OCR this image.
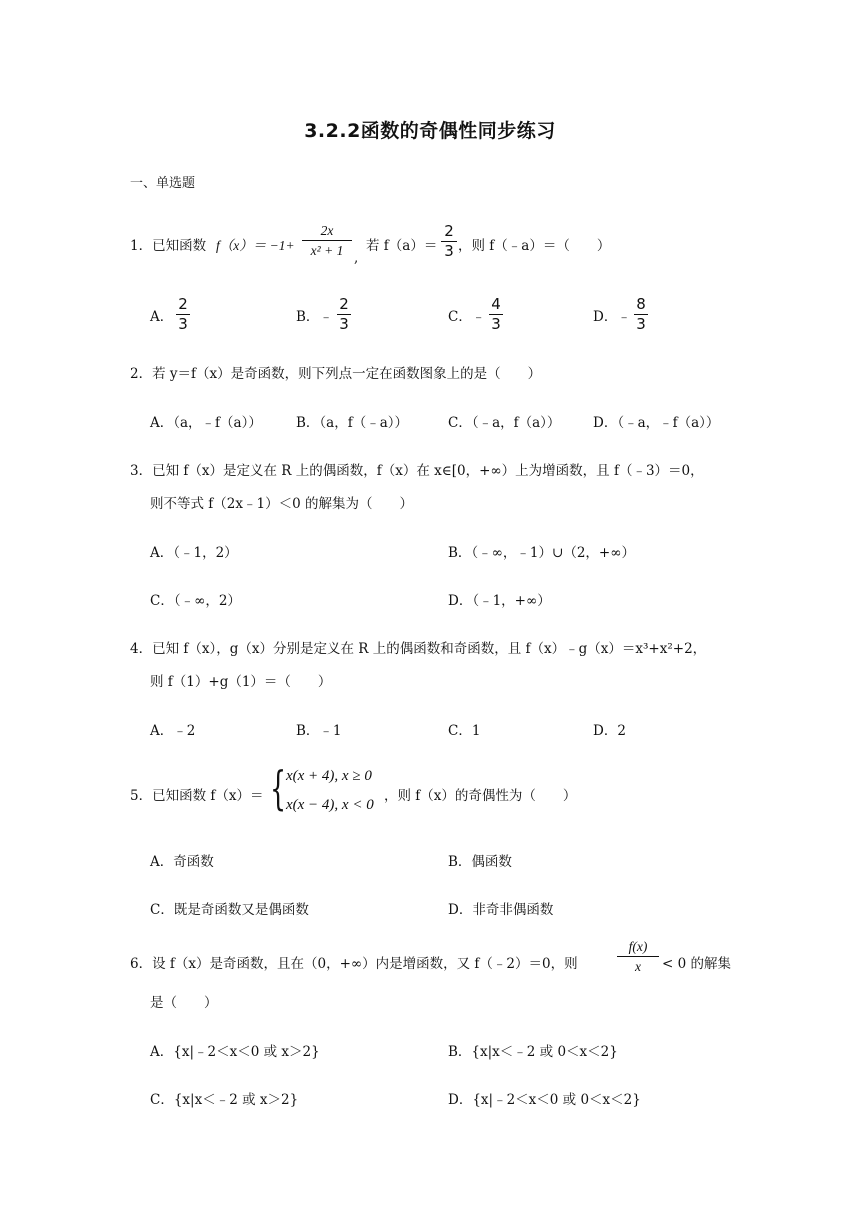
3.2.2函数的奇偶性同步练习
一、单选题
1．已知函数 f（x）＝ −1+
2x
x² + 1 ,
若 f（a）＝
2
3 ，则 f（﹣a）＝（　　）
A．
2
3	B．﹣
2
3	C．﹣
4
3	D．﹣
8
3
2．若 y＝f（x）是奇函数，则下列点一定在函数图象上的是（　　）
A．（a，﹣f（a））	B．（a，f（﹣a））	C．（﹣a，f（a）） D．（﹣a，﹣f（a））
3．已知 f（x）是定义在 R 上的偶函数，f（x）在 x∈[0，+∞）上为增函数，且 f（﹣3）＝0，
则不等式 f（2x﹣1）＜0 的解集为（　　）
A．（﹣1，2）	B．（﹣∞，﹣1）∪（2，+∞）
C．（﹣∞，2）	D．（﹣1，+∞）
4．已知 f（x），g（x）分别是定义在 R 上的偶函数和奇函数，且 f（x）﹣g（x）＝x³+x²+2，
则 f（1）+g（1）＝（　　）
A．﹣2	B．﹣1	C．1	D．2
5．已知函数 f（x）＝ { x(x + 4), x ≥ 0
x(x − 4), x < 0
，则 f（x）的奇偶性为（　　）
A．奇函数	B．偶函数
C．既是奇函数又是偶函数	D．非奇非偶函数
6．设 f（x）是奇函数，且在（0，+∞）内是增函数，又 f（﹣2）＝0，则
f(x)
x	< 0 的解集
是（　　）
A．{x|﹣2＜x＜0 或 x＞2}	B．{x|x＜﹣2 或 0＜x＜2}
C．{x|x＜﹣2 或 x＞2}	D．{x|﹣2＜x＜0 或 0＜x＜2}
